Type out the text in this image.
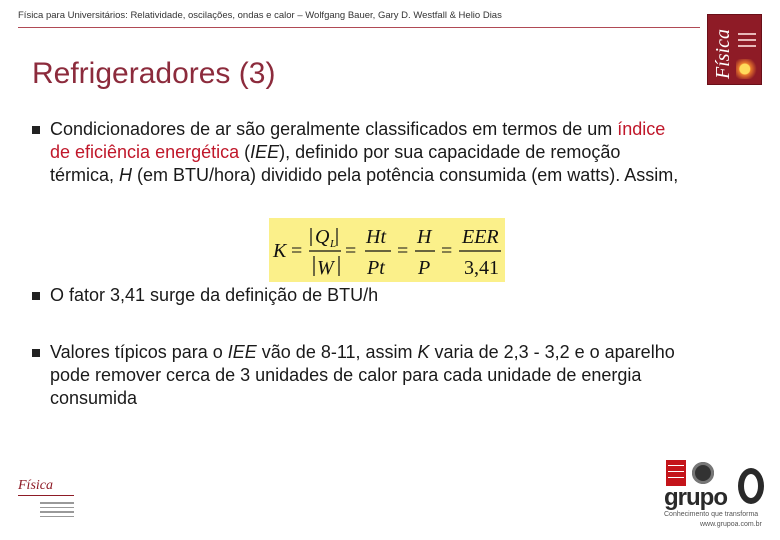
Física para Universitários: Relatividade, oscilações, ondas e calor – Wolfgang Bauer, Gary D. Westfall & Helio Dias
Física
Refrigeradores (3)
Condicionadores de ar são geralmente classificados em termos de um índice
de eficiência energética (IEE), definido por sua capacidade de remoção
térmica, H (em BTU/hora) dividido pela potência consumida (em watts). Assim,
K =
Q L
W
=
Ht
Pt
=
H
P
=
EER
3,41
O fator 3,41 surge da definição de BTU/h
Valores típicos para o IEE vão de 8-11, assim K varia de 2,3 - 3,2 e o aparelho
pode remover cerca de 3 unidades de calor para cada unidade de energia
consumida
Física	grupo
Conhecimento que transforma
www.grupoa.com.br
